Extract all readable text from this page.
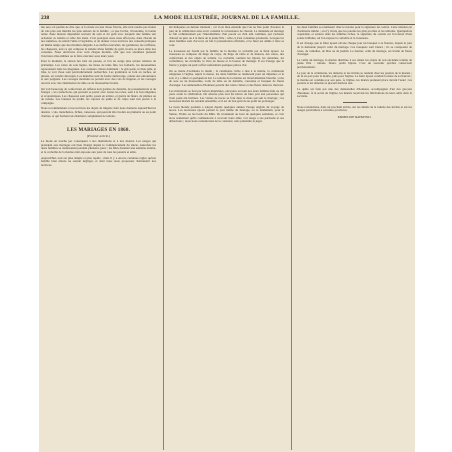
238	LA MODE ILLUSTRÉE, JOURNAL DE LA FAMILLE.

me sera-t-il permis de dire que, si la mode est une chose frivole, elle n'en touche pas moins de très près aux intérêts les plus sérieux de la famille ; et que l'ordre, l'économie, la bonne tenue d'une maison dépendent souvent du soin et du goût avec lesquels une femme sait ordonner sa toilette et celle des siens. C'est pourquoi nous nous efforçons, dans chacun de nos numéros, de réunir l'utile à l'agréable, et de donner à nos lectrices des conseils pratiques en même temps que des modèles élégants. Les étoffes nouvelles, les garnitures, les coiffures, les chapeaux, tout ce qui compose la toilette d'une femme de goût, trouve sa place dans nos colonnes. Nous décrivons avec soin chaque modèle, afin que nos abonnées puissent l'exécuter elles-mêmes ou le faire exécuter sous leurs yeux.

Pour le moment, la saison des bals est passée, et l'on ne songe plus qu'aux toilettes de printemps. Les robes de soie légère, les tissus de laine fine, les foulards, les mousselines reparaissent dans les magasins. Les couleurs claires dominent : le gris perle, le bleu pâle, le lilas, le vert d'eau sont particulièrement recherchés. Les garnitures se font en ruches, en plissés, en volants découpés. Les manches sont de forme demi-large, ornées aux entournures et aux poignets. Les corsages montants se portent avec des cols de lingerie, et les corsages ouverts avec des chemisettes de tulle ou de mousseline brodée.

On voit beaucoup de confections en taffetas noir garnies de dentelle, de passementerie et de franges ; ces confections, qui peuvent se porter avec toutes les robes, sont à la fois élégantes et économiques. Les chapeaux sont petits, posés en arrière, et garnis de fleurs, de plumes ou de rubans. Les bonnets de jardin, les capotes de paille et de crêpe sont très portés à la campagne.

Nous recommandons à nos lectrices les objets de lingerie dont nous donnons aujourd'hui les dessins : cols, manchettes, fichus, canezous, qui peuvent être brodés au plumetis ou au point d'armes, et qui forment un charmant complément de toilette.

LES MARIAGES EN 1860.

(Premier article.)

La mode en touche par conséquent à nos institutions et à nos mœurs. Les usages qui président aux mariages ont bien changé depuis le commencement du siècle. Autrefois les deux familles se réunissaient pendant plusieurs jours ; les fêtes duraient une semaine entière, et la corbeille de la mariée était exposée aux yeux de tous les parents et amis.

Aujourd'hui, tout est plus simple et plus rapide ; mais il y a encore certaines règles qu'une famille bien élevée ne saurait négliger, et dont nous nous proposons d'entretenir nos lectrices.

été indiquées au dernier moment ; car il est bien entendu que l'on ne fixe point d'avance le jour de la célébration sans avoir consulté la convenance de chacun. La demande en mariage se fait ordinairement par l'intermédiaire d'un parent ou d'un ami commun, qui s'adresse d'abord au père ou à la mère de la jeune fille ; celle-ci n'est consultée qu'ensuite. Lorsque les deux familles sont d'accord, on fait la présentation officielle, et le futur est admis à faire sa cour.

Le trousseau est fourni par la famille de la mariée, la corbeille par le futur époux. Le trousseau se compose du linge de corps, du linge de table et de maison, des robes, des confections et des objets de toilette. La corbeille contient les bijoux, les dentelles, les cachemires, les éventails, le livre de messe et la bourse de mariage. Il est d'usage que le fiancé y joigne un petit coffret renfermant quelques pièces d'or.

On se marie d'ordinaire le matin ; la cérémonie civile a lieu à la mairie, la cérémonie religieuse à l'église. Après la messe, les deux familles se réunissent pour un déjeuner, et le soir, il y a dîner et quelquefois bal. La toilette de la mariée est invariablement blanche : robe de soie ou de mousseline, voile de tulle ou de dentelle, couronne et bouquet de fleurs d'oranger. Les demoiselles d'honneur portent des robes claires et des fleurs dans les cheveux.

Les invitations se font par lettres imprimées, envoyées au nom des deux familles huit ou dix jours avant la célébration. On adresse plus tard les lettres de faire part aux personnes qui n'ont point été invitées. Les visites de noces se font dans le mois qui suit le mariage ; les nouveaux mariés les rendent ensemble, et il est de bon goût de ne point les prolonger.

Le beau monde parisien a adopté depuis quelques années l'usage anglais du voyage de noces. Les nouveaux époux partent le jour même du mariage, ou le lendemain, pour la Suisse, l'Italie ou les bords du Rhin. Ils reviennent au bout de quelques semaines, et c'est alors seulement qu'ils commencent à recevoir leurs amis. Cet usage a ses partisans et ses détracteurs ; nous nous contenterons de le constater, sans prétendre le juger.

les deux familles se réunissent chez le notaire pour la signature du contrat. Cette réunion est d'ordinaire intime ; on n'y invite que les parents les plus proches et les témoins. Quelquefois cependant, et surtout dans les familles riches, la signature du contrat est l'occasion d'une soirée brillante, où l'on expose la corbeille et le trousseau.

Il est d'usage que le futur époux envoie chaque jour un bouquet à sa fiancée, depuis le jour de la demande jusqu'à celui du mariage. Ces bouquets sont blancs ; ils se composent de roses, de camélias, de lilas ou de jasmin. Le dernier, celui du mariage, est formé de fleurs d'oranger.

La veille du mariage, la mariée distribue à ses amies les objets de son ancienne toilette de jeune fille : rubans, fleurs, petits bijoux. C'est un souvenir qu'elles conservent précieusement.

Le jour de la cérémonie, les témoins et les invités se rendent chez les parents de la mariée ; de là on part pour la mairie, puis pour l'église. Le futur époux conduit la mère de sa fiancée ; la mariée est conduite par son père. À l'église, les mariés prennent place devant l'autel ; les parents et les témoins se placent derrière eux.

La quête est faite par une des demoiselles d'honneur, accompagnée d'un des garçons d'honneur. À la sortie de l'église, les mariés reçoivent les félicitations de leurs amis dans la sacristie.

Nous reviendrons, dans un prochain article, sur les détails de la toilette des invités et sur les usages particuliers à certaines provinces.

EMMELINE RAYMOND.
